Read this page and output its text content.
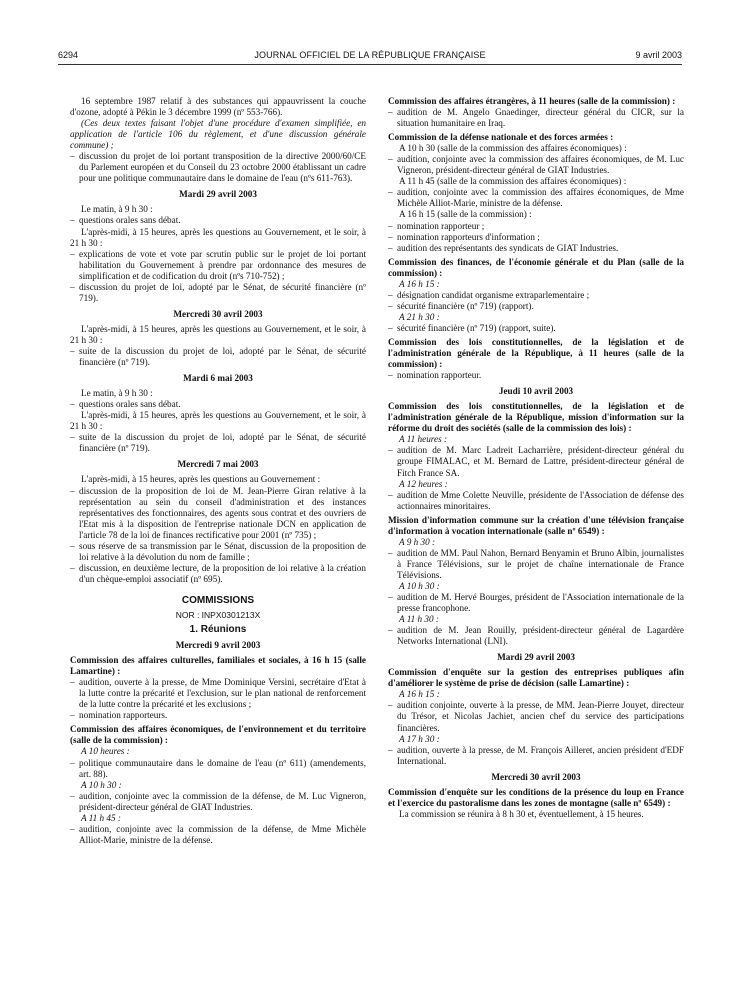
6294	JOURNAL OFFICIEL DE LA RÉPUBLIQUE FRANÇAISE	9 avril 2003

16 septembre 1987 relatif à des substances qui appauvrissent la couche d'ozone, adopté à Pékin le 3 décembre 1999 (nº 553-766).

(Ces deux textes faisant l'objet d'une procédure d'examen simplifiée, en application de l'article 106 du règlement, et d'une discussion générale commune) ;

– discussion du projet de loi portant transposition de la directive 2000/60/CE du Parlement européen et du Conseil du 23 octobre 2000 établissant un cadre pour une politique communautaire dans le domaine de l'eau (nºs 611-763).

Mardi 29 avril 2003

Le matin, à 9 h 30 :

– questions orales sans débat.

L'après-midi, à 15 heures, après les questions au Gouvernement, et le soir, à 21 h 30 :

– explications de vote et vote par scrutin public sur le projet de loi portant habilitation du Gouvernement à prendre par ordonnance des mesures de simplification et de codification du droit (nºs 710-752) ;

– discussion du projet de loi, adopté par le Sénat, de sécurité financière (nº 719).

Mercredi 30 avril 2003

L'après-midi, à 15 heures, après les questions au Gouvernement, et le soir, à 21 h 30 :

– suite de la discussion du projet de loi, adopté par le Sénat, de sécurité financière (nº 719).

Mardi 6 mai 2003

Le matin, à 9 h 30 :

– questions orales sans débat.

L'après-midi, à 15 heures, après les questions au Gouvernement, et le soir, à 21 h 30 :

– suite de la discussion du projet de loi, adopté par le Sénat, de sécurité financière (nº 719).

Mercredi 7 mai 2003

L'après-midi, à 15 heures, après les questions au Gouvernement :

– discussion de la proposition de loi de M. Jean-Pierre Giran relative à la représentation au sein du conseil d'administration et des instances représentatives des fonctionnaires, des agents sous contrat et des ouvriers de l'Etat mis à la disposition de l'entreprise nationale DCN en application de l'article 78 de la loi de finances rectificative pour 2001 (nº 735) ;

– sous réserve de sa transmission par le Sénat, discussion de la proposition de loi relative à la dévolution du nom de famille ;

– discussion, en deuxième lecture, de la proposition de loi relative à la création d'un chèque-emploi associatif (nº 695).

COMMISSIONS
NOR : INPX0301213X
1. Réunions
Mercredi 9 avril 2003

Commission des affaires culturelles, familiales et sociales, à 16 h 15 (salle Lamartine) :

– audition, ouverte à la presse, de Mme Dominique Versini, secrétaire d'Etat à la lutte contre la précarité et l'exclusion, sur le plan national de renforcement de la lutte contre la précarité et les exclusions ;

– nomination rapporteurs.

Commission des affaires économiques, de l'environnement et du territoire (salle de la commission) :

A 10 heures :

– politique communautaire dans le domaine de l'eau (nº 611) (amendements, art. 88).

A 10 h 30 :

– audition, conjointe avec la commission de la défense, de M. Luc Vigneron, président-directeur général de GIAT Industries.

A 11 h 45 :

– audition, conjointe avec la commission de la défense, de Mme Michèle Alliot-Marie, ministre de la défense.

Commission des affaires étrangères, à 11 heures (salle de la commission) :

– audition de M. Angelo Gnaedinger, directeur général du CICR, sur la situation humanitaire en Iraq.

Commission de la défense nationale et des forces armées :

A 10 h 30 (salle de la commission des affaires économiques) :

– audition, conjointe avec la commission des affaires économiques, de M. Luc Vigneron, président-directeur général de GIAT Industries.

A 11 h 45 (salle de la commission des affaires économiques) :

– audition, conjointe avec la commission des affaires économiques, de Mme Michèle Alliot-Marie, ministre de la défense.

A 16 h 15 (salle de la commission) :

– nomination rapporteur ;

– nomination rapporteurs d'information ;

– audition des représentants des syndicats de GIAT Industries.

Commission des finances, de l'économie générale et du Plan (salle de la commission) :

A 16 h 15 :

– désignation candidat organisme extraparlementaire ;

– sécurité financière (nº 719) (rapport).

A 21 h 30 :

– sécurité financière (nº 719) (rapport, suite).

Commission des lois constitutionnelles, de la législation et de l'administration générale de la République, à 11 heures (salle de la commission) :

– nomination rapporteur.

Jeudi 10 avril 2003

Commission des lois constitutionnelles, de la législation et de l'administration générale de la République, mission d'information sur la réforme du droit des sociétés (salle de la commission des lois) :

A 11 heures :

– audition de M. Marc Ladreit Lacharrière, président-directeur général du groupe FIMALAC, et M. Bernard de Lattre, président-directeur général de Fitch France SA.

A 12 heures :

– audition de Mme Colette Neuville, présidente de l'Association de défense des actionnaires minoritaires.

Mission d'information commune sur la création d'une télévision française d'information à vocation internationale (salle nº 6549) :

A 9 h 30 :

– audition de MM. Paul Nahon, Bernard Benyamin et Bruno Albin, journalistes à France Télévisions, sur le projet de chaîne internationale de France Télévisions.

A 10 h 30 :

– audition de M. Hervé Bourges, président de l'Association internationale de la presse francophone.

A 11 h 30 :

– audition de M. Jean Rouilly, président-directeur général de Lagardère Networks International (LNI).

Mardi 29 avril 2003

Commission d'enquête sur la gestion des entreprises publiques afin d'améliorer le système de prise de décision (salle Lamartine) :

A 16 h 15 :

– audition conjointe, ouverte à la presse, de MM. Jean-Pierre Jouyet, directeur du Trésor, et Nicolas Jachiet, ancien chef du service des participations financières.

A 17 h 30 :

– audition, ouverte à la presse, de M. François Ailleret, ancien président d'EDF International.

Mercredi 30 avril 2003

Commission d'enquête sur les conditions de la présence du loup en France et l'exercice du pastoralisme dans les zones de montagne (salle nº 6549) :

La commission se réunira à 8 h 30 et, éventuellement, à 15 heures.
